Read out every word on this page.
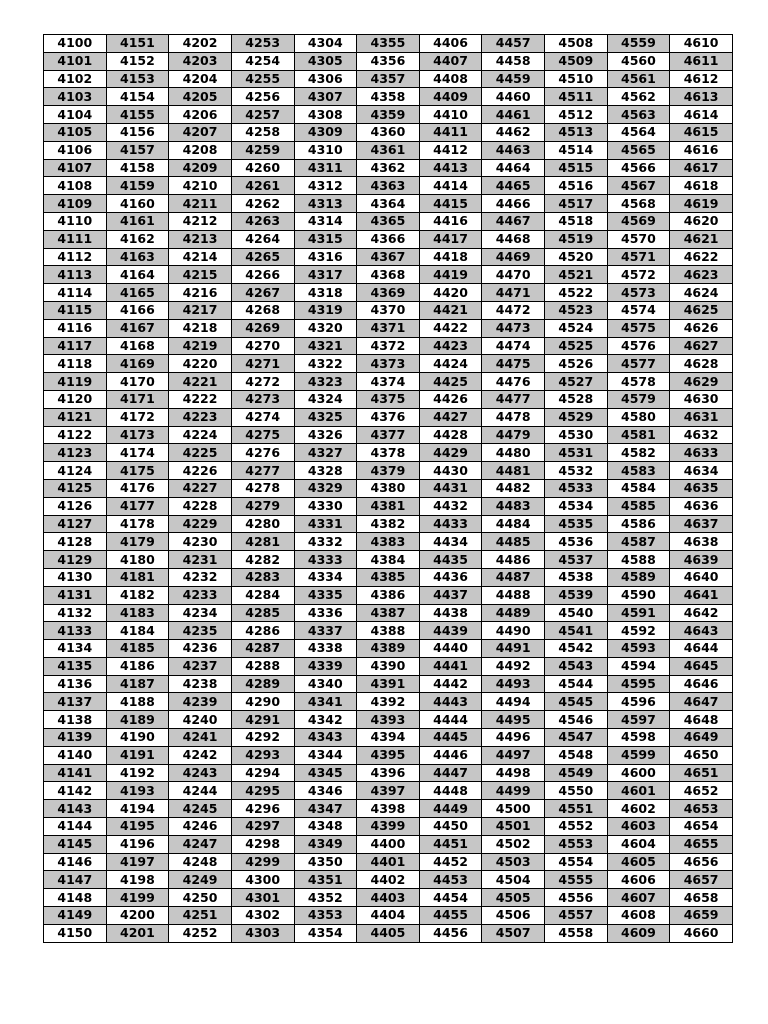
4100	4151	4202	4253	4304	4355	4406	4457	4508	4559	4610
4101	4152	4203	4254	4305	4356	4407	4458	4509	4560	4611
4102	4153	4204	4255	4306	4357	4408	4459	4510	4561	4612
4103	4154	4205	4256	4307	4358	4409	4460	4511	4562	4613
4104	4155	4206	4257	4308	4359	4410	4461	4512	4563	4614
4105	4156	4207	4258	4309	4360	4411	4462	4513	4564	4615
4106	4157	4208	4259	4310	4361	4412	4463	4514	4565	4616
4107	4158	4209	4260	4311	4362	4413	4464	4515	4566	4617
4108	4159	4210	4261	4312	4363	4414	4465	4516	4567	4618
4109	4160	4211	4262	4313	4364	4415	4466	4517	4568	4619
4110	4161	4212	4263	4314	4365	4416	4467	4518	4569	4620
4111	4162	4213	4264	4315	4366	4417	4468	4519	4570	4621
4112	4163	4214	4265	4316	4367	4418	4469	4520	4571	4622
4113	4164	4215	4266	4317	4368	4419	4470	4521	4572	4623
4114	4165	4216	4267	4318	4369	4420	4471	4522	4573	4624
4115	4166	4217	4268	4319	4370	4421	4472	4523	4574	4625
4116	4167	4218	4269	4320	4371	4422	4473	4524	4575	4626
4117	4168	4219	4270	4321	4372	4423	4474	4525	4576	4627
4118	4169	4220	4271	4322	4373	4424	4475	4526	4577	4628
4119	4170	4221	4272	4323	4374	4425	4476	4527	4578	4629
4120	4171	4222	4273	4324	4375	4426	4477	4528	4579	4630
4121	4172	4223	4274	4325	4376	4427	4478	4529	4580	4631
4122	4173	4224	4275	4326	4377	4428	4479	4530	4581	4632
4123	4174	4225	4276	4327	4378	4429	4480	4531	4582	4633
4124	4175	4226	4277	4328	4379	4430	4481	4532	4583	4634
4125	4176	4227	4278	4329	4380	4431	4482	4533	4584	4635
4126	4177	4228	4279	4330	4381	4432	4483	4534	4585	4636
4127	4178	4229	4280	4331	4382	4433	4484	4535	4586	4637
4128	4179	4230	4281	4332	4383	4434	4485	4536	4587	4638
4129	4180	4231	4282	4333	4384	4435	4486	4537	4588	4639
4130	4181	4232	4283	4334	4385	4436	4487	4538	4589	4640
4131	4182	4233	4284	4335	4386	4437	4488	4539	4590	4641
4132	4183	4234	4285	4336	4387	4438	4489	4540	4591	4642
4133	4184	4235	4286	4337	4388	4439	4490	4541	4592	4643
4134	4185	4236	4287	4338	4389	4440	4491	4542	4593	4644
4135	4186	4237	4288	4339	4390	4441	4492	4543	4594	4645
4136	4187	4238	4289	4340	4391	4442	4493	4544	4595	4646
4137	4188	4239	4290	4341	4392	4443	4494	4545	4596	4647
4138	4189	4240	4291	4342	4393	4444	4495	4546	4597	4648
4139	4190	4241	4292	4343	4394	4445	4496	4547	4598	4649
4140	4191	4242	4293	4344	4395	4446	4497	4548	4599	4650
4141	4192	4243	4294	4345	4396	4447	4498	4549	4600	4651
4142	4193	4244	4295	4346	4397	4448	4499	4550	4601	4652
4143	4194	4245	4296	4347	4398	4449	4500	4551	4602	4653
4144	4195	4246	4297	4348	4399	4450	4501	4552	4603	4654
4145	4196	4247	4298	4349	4400	4451	4502	4553	4604	4655
4146	4197	4248	4299	4350	4401	4452	4503	4554	4605	4656
4147	4198	4249	4300	4351	4402	4453	4504	4555	4606	4657
4148	4199	4250	4301	4352	4403	4454	4505	4556	4607	4658
4149	4200	4251	4302	4353	4404	4455	4506	4557	4608	4659
4150	4201	4252	4303	4354	4405	4456	4507	4558	4609	4660
